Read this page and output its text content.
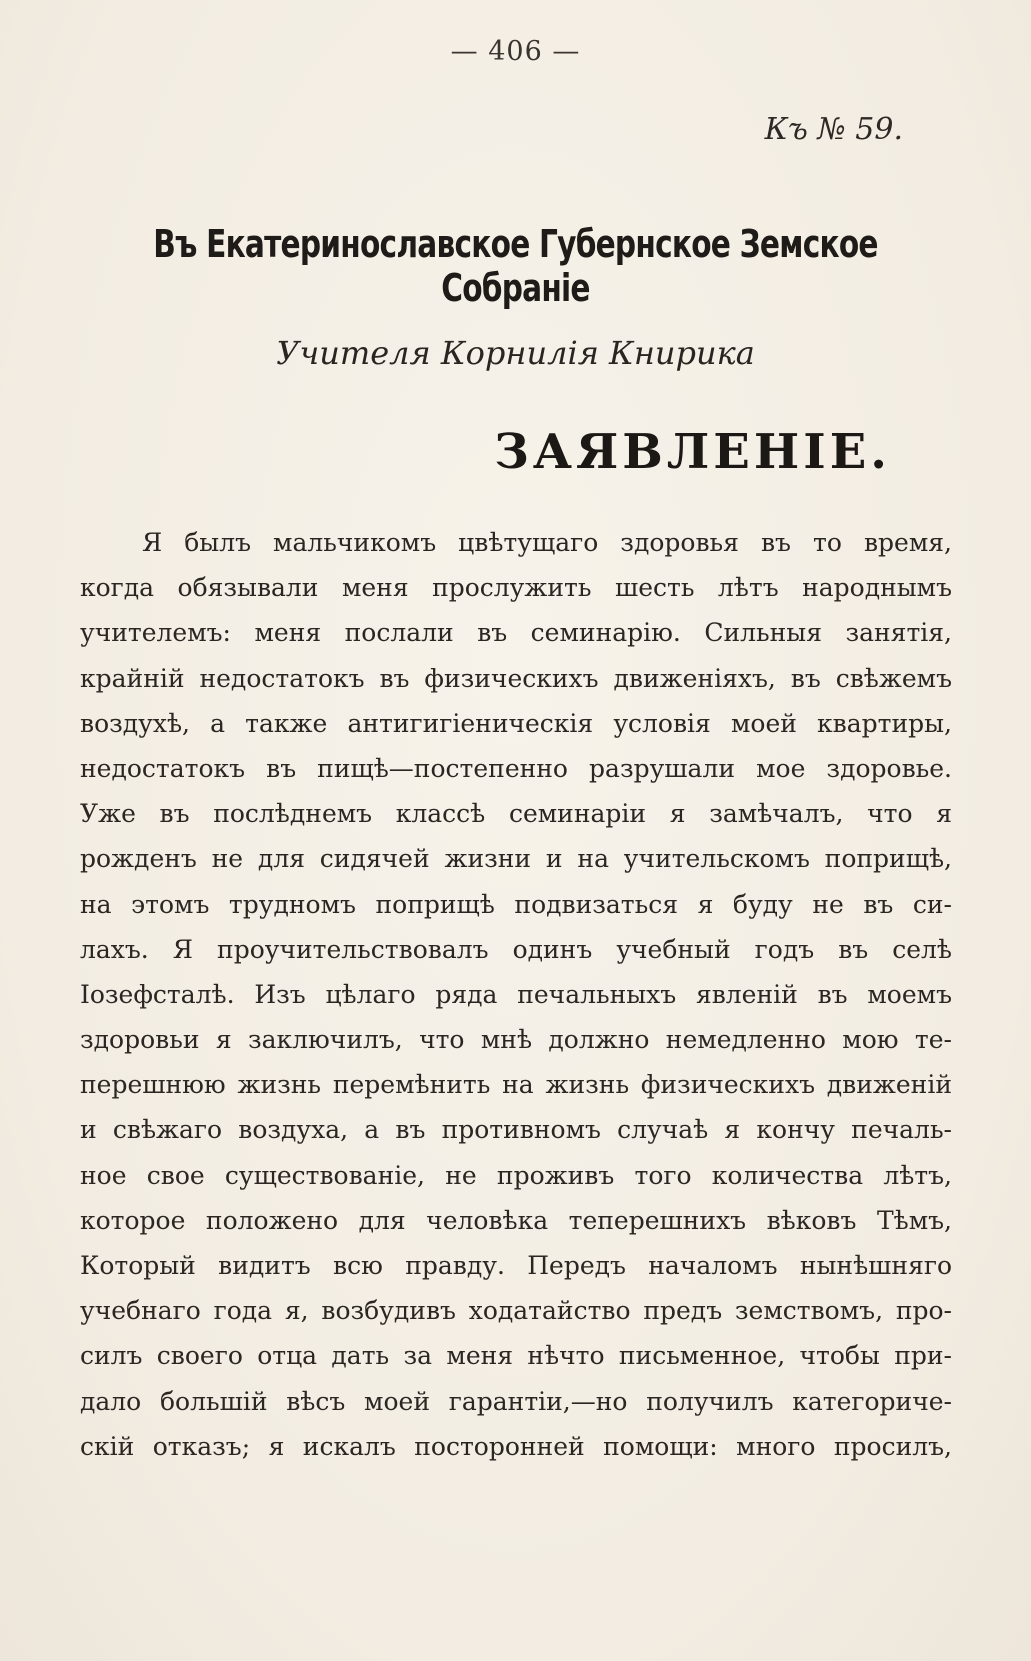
— 406 —
Къ № 59.
Въ Екатеринославское Губернское Земское Собраніе
Учителя Корнилія Книрика
ЗАЯВЛЕНІЕ.
Я былъ мальчикомъ цвѣтущаго здоровья въ то время,
когда обязывали меня прослужить шесть лѣтъ народнымъ
учителемъ: меня послали въ семинарію. Сильныя занятія,
крайній недостатокъ въ физическихъ движеніяхъ, въ свѣжемъ
воздухѣ, а также антигигіеническія условія моей квартиры,
недостатокъ въ пищѣ—постепенно разрушали мое здоровье.
Уже въ послѣднемъ классѣ семинаріи я замѣчалъ, что я
рожденъ не для сидячей жизни и на учительскомъ поприщѣ,
на этомъ трудномъ поприщѣ подвизаться я буду не въ си-
лахъ. Я проучительствовалъ одинъ учебный годъ въ селѣ
Іозефсталѣ. Изъ цѣлаго ряда печальныхъ явленій въ моемъ
здоровьи я заключилъ, что мнѣ должно немедленно мою те-
перешнюю жизнь перемѣнить на жизнь физическихъ движеній
и свѣжаго воздуха, а въ противномъ случаѣ я кончу печаль-
ное свое существованіе, не проживъ того количества лѣтъ,
которое положено для человѣка теперешнихъ вѣковъ Тѣмъ,
Который видитъ всю правду. Передъ началомъ нынѣшняго
учебнаго года я, возбудивъ ходатайство предъ земствомъ, про-
силъ своего отца дать за меня нѣчто письменное, чтобы при-
дало большій вѣсъ моей гарантіи,—но получилъ категориче-
скій отказъ; я искалъ посторонней помощи: много просилъ,
